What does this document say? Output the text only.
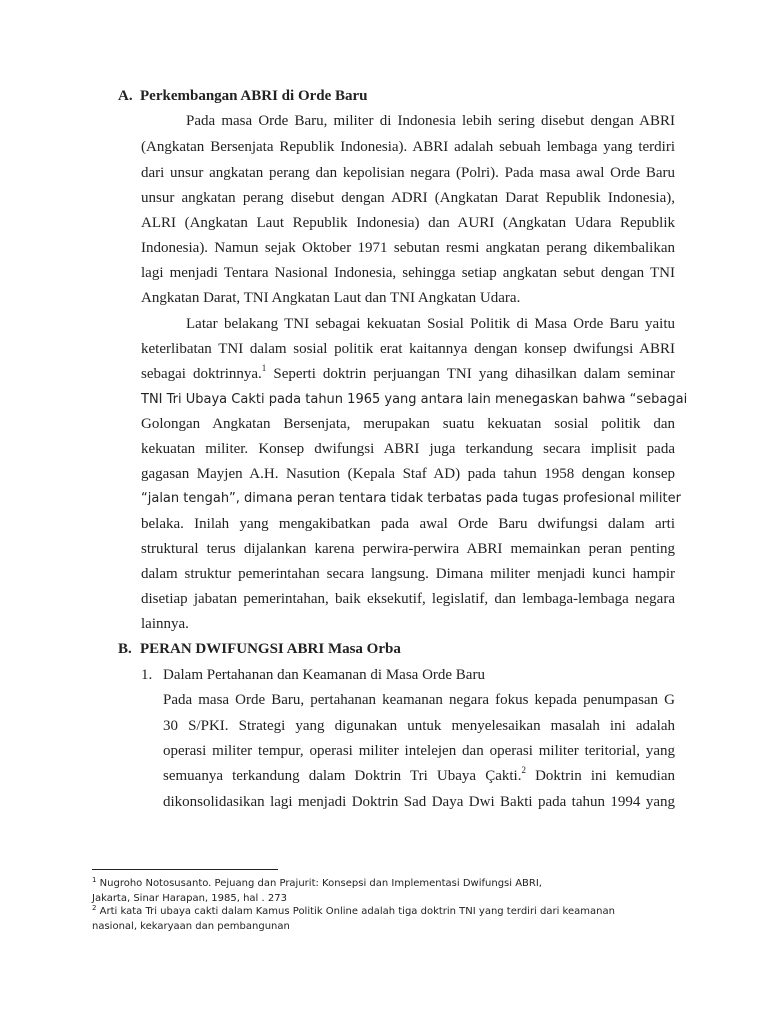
A. Perkembangan ABRI di Orde Baru
Pada masa Orde Baru, militer di Indonesia lebih sering disebut dengan ABRI
(Angkatan Bersenjata Republik Indonesia). ABRI adalah sebuah lembaga yang terdiri
dari unsur angkatan perang dan kepolisian negara (Polri). Pada masa awal Orde Baru
unsur angkatan perang disebut dengan ADRI (Angkatan Darat Republik Indonesia),
ALRI (Angkatan Laut Republik Indonesia) dan AURI (Angkatan Udara Republik
Indonesia). Namun sejak Oktober 1971 sebutan resmi angkatan perang dikembalikan
lagi menjadi Tentara Nasional Indonesia, sehingga setiap angkatan sebut dengan TNI
Angkatan Darat, TNI Angkatan Laut dan TNI Angkatan Udara.
Latar belakang TNI sebagai kekuatan Sosial Politik di Masa Orde Baru yaitu
keterlibatan TNI dalam sosial politik erat kaitannya dengan konsep dwifungsi ABRI
sebagai doktrinnya.$^1$ Seperti doktrin perjuangan TNI yang dihasilkan dalam seminar
TNI Tri Ubaya Cakti pada tahun 1965 yang antara lain menegaskan bahwa “sebagai
Golongan Angkatan Bersenjata, merupakan suatu kekuatan sosial politik dan
kekuatan militer. Konsep dwifungsi ABRI juga terkandung secara implisit pada
gagasan Mayjen A.H. Nasution (Kepala Staf AD) pada tahun 1958 dengan konsep
“jalan tengah”, dimana peran tentara tidak terbatas pada tugas profesional militer
belaka. Inilah yang mengakibatkan pada awal Orde Baru dwifungsi dalam arti
struktural terus dijalankan karena perwira-perwira ABRI memainkan peran penting
dalam struktur pemerintahan secara langsung. Dimana militer menjadi kunci hampir
disetiap jabatan pemerintahan, baik eksekutif, legislatif, dan lembaga-lembaga negara
lainnya.
B. PERAN DWIFUNGSI ABRI Masa Orba
1. Dalam Pertahanan dan Keamanan di Masa Orde Baru
Pada masa Orde Baru, pertahanan keamanan negara fokus kepada penumpasan G
30 S/PKI. Strategi yang digunakan untuk menyelesaikan masalah ini adalah
operasi militer tempur, operasi militer intelejen dan operasi militer teritorial, yang
semuanya terkandung dalam Doktrin Tri Ubaya Çakti.$^2$ Doktrin ini kemudian
dikonsolidasikan lagi menjadi Doktrin Sad Daya Dwi Bakti pada tahun 1994 yang
$^1$ Nugroho Notosusanto. Pejuang dan Prajurit: Konsepsi dan Implementasi Dwifungsi ABRI,
Jakarta, Sinar Harapan, 1985, hal . 273
$^2$ Arti kata Tri ubaya cakti dalam Kamus Politik Online adalah tiga doktrin TNI yang terdiri dari keamanan
nasional, kekaryaan dan pembangunan
